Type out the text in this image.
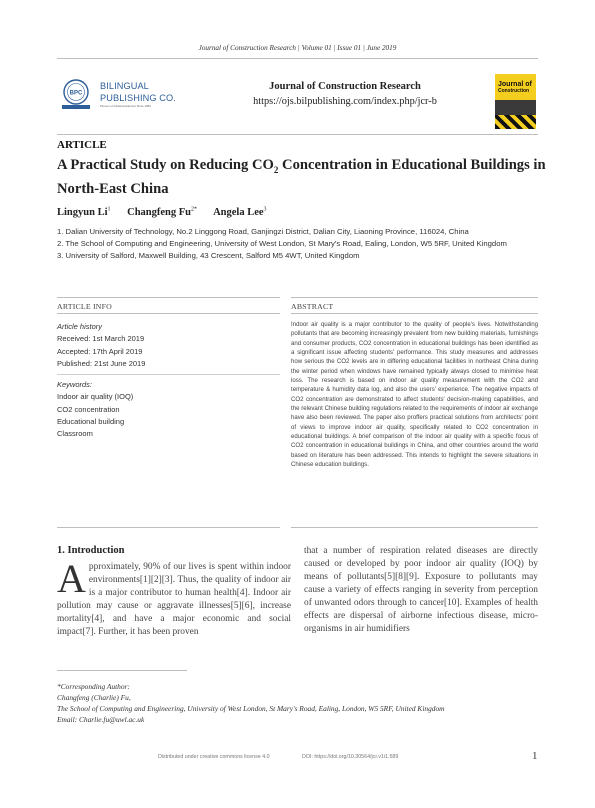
Journal of Construction Research | Volume 01 | Issue 01 | June 2019
BPC
BILINGUAL
PUBLISHING CO.
Pioneer of Global Academics Since 1984
Journal of Construction Research
https://ojs.bilpublishing.com/index.php/jcr-b
Journal of
Construction
ARTICLE
A Practical Study on Reducing $CO_2$ Concentration in Educational Buildings in North-East China
Lingyun Li$^1$ Changfeng $Fu^{2*}$ Angela Lee$^3$
1. Dalian University of Technology, No.2 Linggong Road, Ganjingzi District, Dalian City, Liaoning Province, 116024, China
2. The School of Computing and Engineering, University of West London, St Mary's Road, Ealing, London, W5 5RF, United Kingdom
3. University of Salford, Maxwell Building, 43 Crescent, Salford M5 4WT, United Kingdom
ARTICLE INFO
Article history
Received: 1st March 2019
Accepted: 17th April 2019
Published: 21st June 2019
Keywords:
Indoor air quality (IOQ)
CO2 concentration
Educational building
Classroom
ABSTRACT
Indoor air quality is a major contributor to the quality of people's lives. Notwithstanding pollutants that are becoming increasingly prevalent from new building materials, furnishings and consumer products, CO2 concentration in educational buildings has been identified as a significant issue affecting students' performance. This study measures and addresses how serious the CO2 levels are in differing educational facilities in northeast China during the winter period when windows have remained typically always closed to minimise heat loss. The research is based on indoor air quality measurement with the CO2 and temperature & humidity data log, and also the users' experience. The negative impacts of CO2 concentration are demonstrated to affect students' decision-making capabilities, and the relevant Chinese building regulations related to the requirements of indoor air exchange have also been reviewed. The paper also proffers practical solutions from architects' point of views to improve indoor air quality, specifically related to CO2 concentration in educational buildings. A brief comparison of the indoor air quality with a specific focus of CO2 concentration in educational buildings in China, and other countries around the world based on literature has been addressed. This intends to highlight the severe situations in Chinese education buildings.
1. Introduction
Approximately, 90% of our lives is spent within indoor environments[1][2][3]. Thus, the quality of indoor air is a major contributor to human health[4]. Indoor air pollution may cause or aggravate illnesses[5][6], increase mortality[4], and have a major economic and social impact[7]. Further, it has been proven
that a number of respiration related diseases are directly caused or developed by poor indoor air quality (IOQ) by means of pollutants[5][8][9]. Exposure to pollutants may cause a variety of effects ranging in severity from perception of unwanted odors through to cancer[10]. Examples of health effects are dispersal of airborne infectious disease, micro-organisms in air humidifiers
*Corresponding Author:
Changfeng (Charlie) Fu,
The School of Computing and Engineering, University of West London, St Mary's Road, Ealing, London, W5 5RF, United Kingdom
Email: Charlie.fu@uwl.ac.uk
Distributed under creative commons license 4.0	DOI: https://doi.org/10.30564/jcr.v1i1.589	1
